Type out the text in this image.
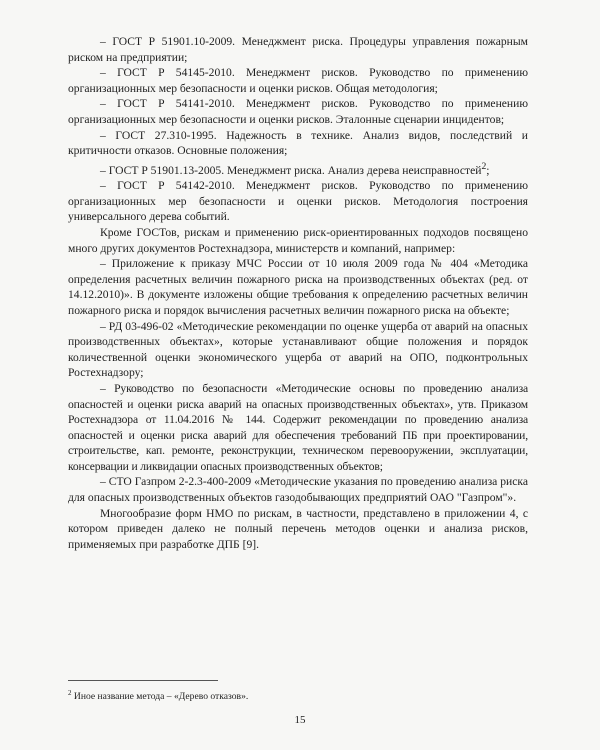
– ГОСТ Р 51901.10-2009. Менеджмент риска. Процедуры управления пожарным риском на предприятии;

– ГОСТ Р 54145-2010. Менеджмент рисков. Руководство по применению организационных мер безопасности и оценки рисков. Общая методология;

– ГОСТ Р 54141-2010. Менеджмент рисков. Руководство по применению организационных мер безопасности и оценки рисков. Эталонные сценарии инцидентов;

– ГОСТ 27.310-1995. Надежность в технике. Анализ видов, последствий и критичности отказов. Основные положения;

– ГОСТ Р 51901.13-2005. Менеджмент риска. Анализ дерева неисправностей$^2$;

– ГОСТ Р 54142-2010. Менеджмент рисков. Руководство по применению организационных мер безопасности и оценки рисков. Методология построения универсального дерева событий.

Кроме ГОСТов, рискам и применению риск-ориентированных подходов посвящено много других документов Ростехнадзора, министерств и компаний, например:

– Приложение к приказу МЧС России от 10 июля 2009 года № 404 «Методика определения расчетных величин пожарного риска на производственных объектах (ред. от 14.12.2010)». В документе изложены общие требования к определению расчетных величин пожарного риска и порядок вычисления расчетных величин пожарного риска на объекте;

– РД 03-496-02 «Методические рекомендации по оценке ущерба от аварий на опасных производственных объектах», которые устанавливают общие положения и порядок количественной оценки экономического ущерба от аварий на ОПО, подконтрольных Ростехнадзору;

– Руководство по безопасности «Методические основы по проведению анализа опасностей и оценки риска аварий на опасных производственных объектах», утв. Приказом Ростехнадзора от 11.04.2016 № 144. Содержит рекомендации по проведению анализа опасностей и оценки риска аварий для обеспечения требований ПБ при проектировании, строительстве, кап. ремонте, реконструкции, техническом перевооружении, эксплуатации, консервации и ликвидации опасных производственных объектов;

– СТО Газпром 2-2.3-400-2009 «Методические указания по проведению анализа риска для опасных производственных объектов газодобывающих предприятий ОАО "Газпром"».

Многообразие форм НМО по рискам, в частности, представлено в приложении 4, с котором приведен далеко не полный перечень методов оценки и анализа рисков, применяемых при разработке ДПБ [9].

$^2$ Иное название метода – «Дерево отказов».
15
